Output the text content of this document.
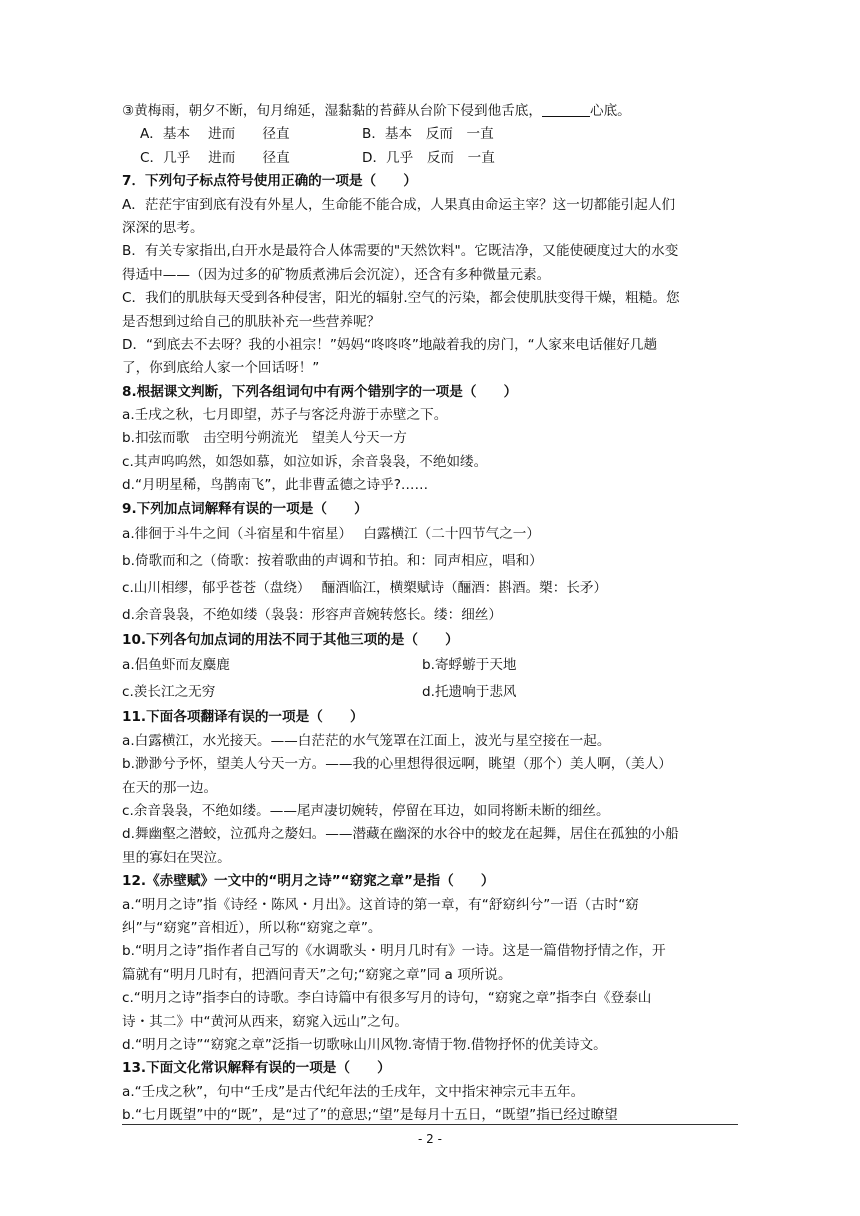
③黄梅雨，朝夕不断，旬月绵延，湿黏黏的苔藓从台阶下侵到他舌底，	心底。
A．基本　 进而　　径直	B．基本　反而　一直
C．几乎　 进而　　径直	D．几乎　反而　一直
7．下列句子标点符号使用正确的一项是（　　）
A．茫茫宇宙到底有没有外星人，生命能不能合成，人果真由命运主宰？这一切都能引起人们
深深的思考。
B．有关专家指出,白开水是最符合人体需要的"天然饮料"。它既洁净，又能使硬度过大的水变
得适中——（因为过多的矿物质煮沸后会沉淀），还含有多种微量元素。
C．我们的肌肤每天受到各种侵害，阳光的辐射.空气的污染，都会使肌肤变得干燥，粗糙。您
是否想到过给自己的肌肤补充一些营养呢？
D．“到底去不去呀？我的小祖宗！”妈妈“咚咚咚”地敲着我的房门，“人家来电话催好几趟
了，你到底给人家一个回话呀！”
8.根据课文判断，下列各组词句中有两个错别字的一项是（　　）
a.壬戌之秋，七月即望，苏子与客泛舟游于赤壁之下。
b.扣弦而歌　击空明兮朔流光　望美人兮天一方
c.其声呜呜然，如怨如慕，如泣如诉，余音袅袅，不绝如缕。
d.“月明星稀，鸟鹊南飞”，此非曹孟德之诗乎?……
9.下列加点词解释有误的一项是（　　）
a.徘徊于斗牛之间（斗宿星和牛宿星）　 白露横江（二十四节气之一）
b.倚歌而和之（倚歌：按着歌曲的声调和节拍。和：同声相应，唱和）
c.山川相缪，郁乎苍苍（盘绕）　 酾酒临江，横槊赋诗（酾酒：斟酒。槊：长矛）
d.余音袅袅，不绝如缕（袅袅：形容声音婉转悠长。缕：细丝）
10.下列各句加点词的用法不同于其他三项的是（　　）
a.侣鱼虾而友麋鹿	b.寄蜉蝣于天地
c.羡长江之无穷	d.托遗响于悲风
11.下面各项翻译有误的一项是（　　）
a.白露横江，水光接天。——白茫茫的水气笼罩在江面上，波光与星空接在一起。
b.渺渺兮予怀，望美人兮天一方。——我的心里想得很远啊，眺望（那个）美人啊，（美人）
在天的那一边。
c.余音袅袅，不绝如缕。——尾声凄切婉转，停留在耳边，如同将断未断的细丝。
d.舞幽壑之潜蛟，泣孤舟之嫠妇。——潜藏在幽深的水谷中的蛟龙在起舞，居住在孤独的小船
里的寡妇在哭泣。
12.《赤壁赋》一文中的“明月之诗”“窈窕之章”是指（　　）
a.“明月之诗”指《诗经・陈风・月出》。这首诗的第一章，有“舒窈纠兮”一语（古时“窈
纠”与“窈窕”音相近），所以称“窈窕之章”。
b.“明月之诗”指作者自己写的《水调歌头・明月几时有》一诗。这是一篇借物抒情之作，开
篇就有“明月几时有，把酒问青天”之句;“窈窕之章”同 a 项所说。
c.“明月之诗”指李白的诗歌。李白诗篇中有很多写月的诗句，“窈窕之章”指李白《登泰山
诗・其二》中“黄河从西来，窈窕入远山”之句。
d.“明月之诗”“窈窕之章”泛指一切歌咏山川风物.寄情于物.借物抒怀的优美诗文。
13.下面文化常识解释有误的一项是（　　）
a.“壬戌之秋”，句中“壬戌”是古代纪年法的壬戌年，文中指宋神宗元丰五年。
b.“七月既望”中的“既”，是“过了”的意思;“望”是每月十五日，“既望”指已经过瞭望
- 2 -
